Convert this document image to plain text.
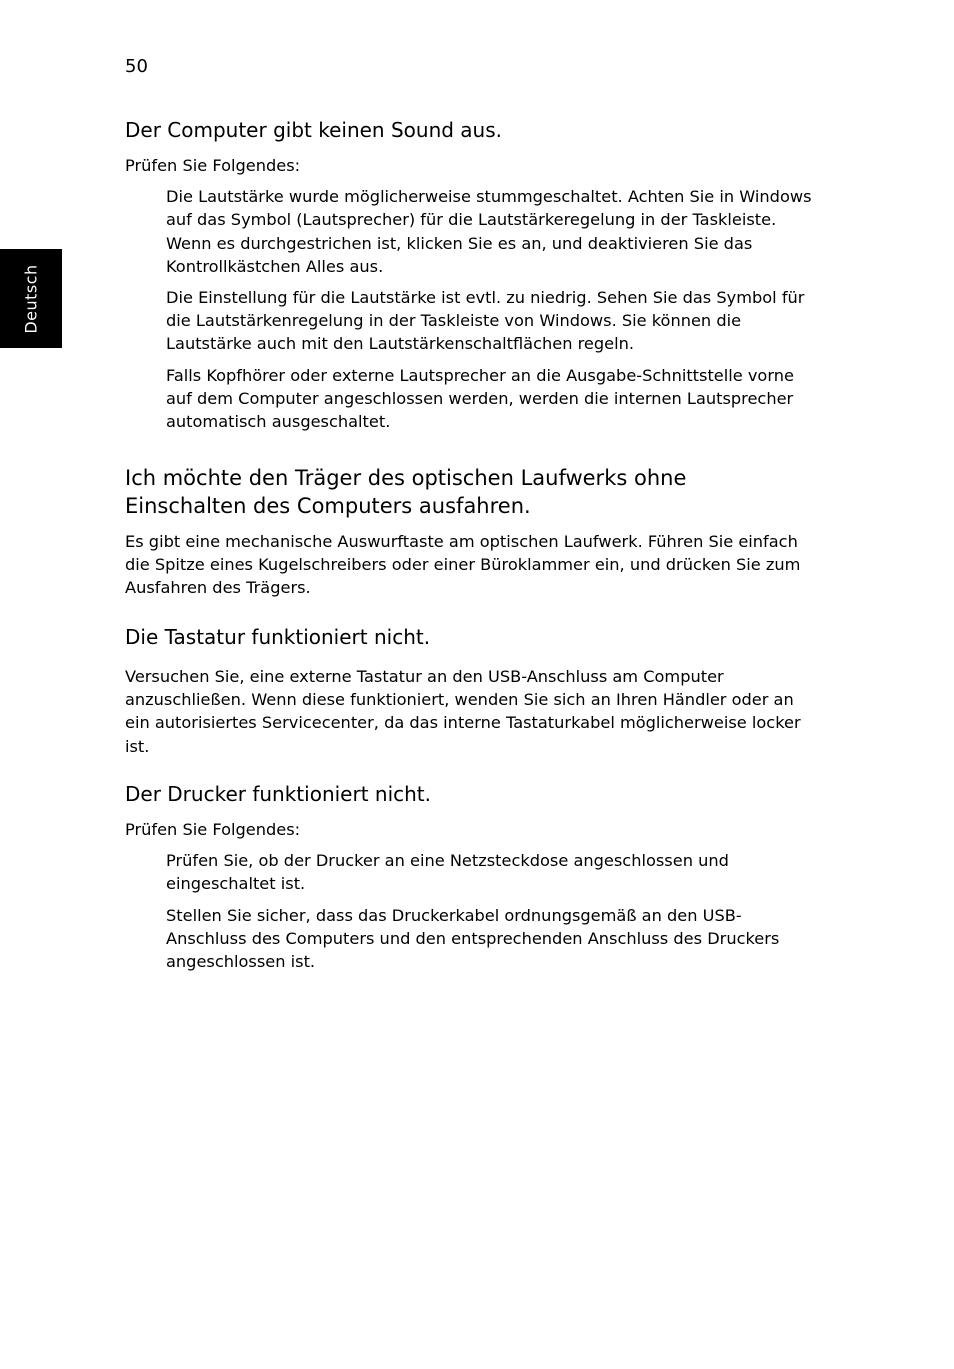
50
Deutsch
Der Computer gibt keinen Sound aus.

Prüfen Sie Folgendes:

Die Lautstärke wurde möglicherweise stummgeschaltet. Achten Sie in Windows auf das Symbol (Lautsprecher) für die Lautstärkeregelung in der Taskleiste. Wenn es durchgestrichen ist, klicken Sie es an, und deaktivieren Sie das Kontrollkästchen Alles aus.

Die Einstellung für die Lautstärke ist evtl. zu niedrig. Sehen Sie das Symbol für die Lautstärkenregelung in der Taskleiste von Windows. Sie können die Lautstärke auch mit den Lautstärkenschaltflächen regeln.

Falls Kopfhörer oder externe Lautsprecher an die Ausgabe-Schnittstelle vorne auf dem Computer angeschlossen werden, werden die internen Lautsprecher automatisch ausgeschaltet.

Ich möchte den Träger des optischen Laufwerks ohne
Einschalten des Computers ausfahren.

Es gibt eine mechanische Auswurftaste am optischen Laufwerk. Führen Sie einfach die Spitze eines Kugelschreibers oder einer Büroklammer ein, und drücken Sie zum Ausfahren des Trägers.

Die Tastatur funktioniert nicht.

Versuchen Sie, eine externe Tastatur an den USB-Anschluss am Computer anzuschließen. Wenn diese funktioniert, wenden Sie sich an Ihren Händler oder an ein autorisiertes Servicecenter, da das interne Tastaturkabel möglicherweise locker ist.

Der Drucker funktioniert nicht.

Prüfen Sie Folgendes:

Prüfen Sie, ob der Drucker an eine Netzsteckdose angeschlossen und eingeschaltet ist.

Stellen Sie sicher, dass das Druckerkabel ordnungsgemäß an den USB-Anschluss des Computers und den entsprechenden Anschluss des Druckers angeschlossen ist.
